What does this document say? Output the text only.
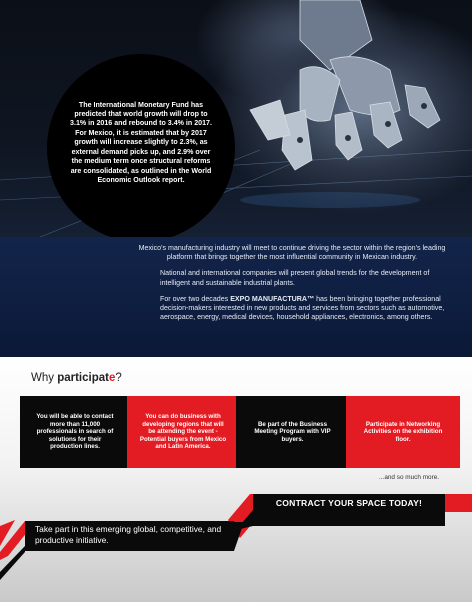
The International Monetary Fund has predicted that world growth will drop to 3.1% in 2016 and rebound to 3.4% in 2017. For Mexico, it is estimated that by 2017 growth will increase slightly to 2.3%, as external demand picks up, and 2.9% over the medium term once structural reforms are consolidated, as outlined in the World Economic Outlook report.

Mexico's manufacturing industry will meet to continue driving the sector within the region's leading platform that brings together the most influential community in Mexican industry.

National and international companies will present global trends for the development of intelligent and sustainable industrial plants.

For over two decades EXPO MANUFACTURA™ has been bringing together professional decision-makers interested in new products and services from sectors such as automotive, aerospace, energy, medical devices, household appliances, electronics, among others.

Why participate?
You will be able to contact more than 11,000 professionals in search of solutions for their production lines.
You can do business with developing regions that will be attending the event - Potential buyers from Mexico and Latin America.
Be part of the Business Meeting Program with VIP buyers.
Participate in Networking Activities on the exhibition floor.
...and so much more.
CONTRACT YOUR SPACE TODAY!
Take part in this emerging global, competitive, and productive initiative.
